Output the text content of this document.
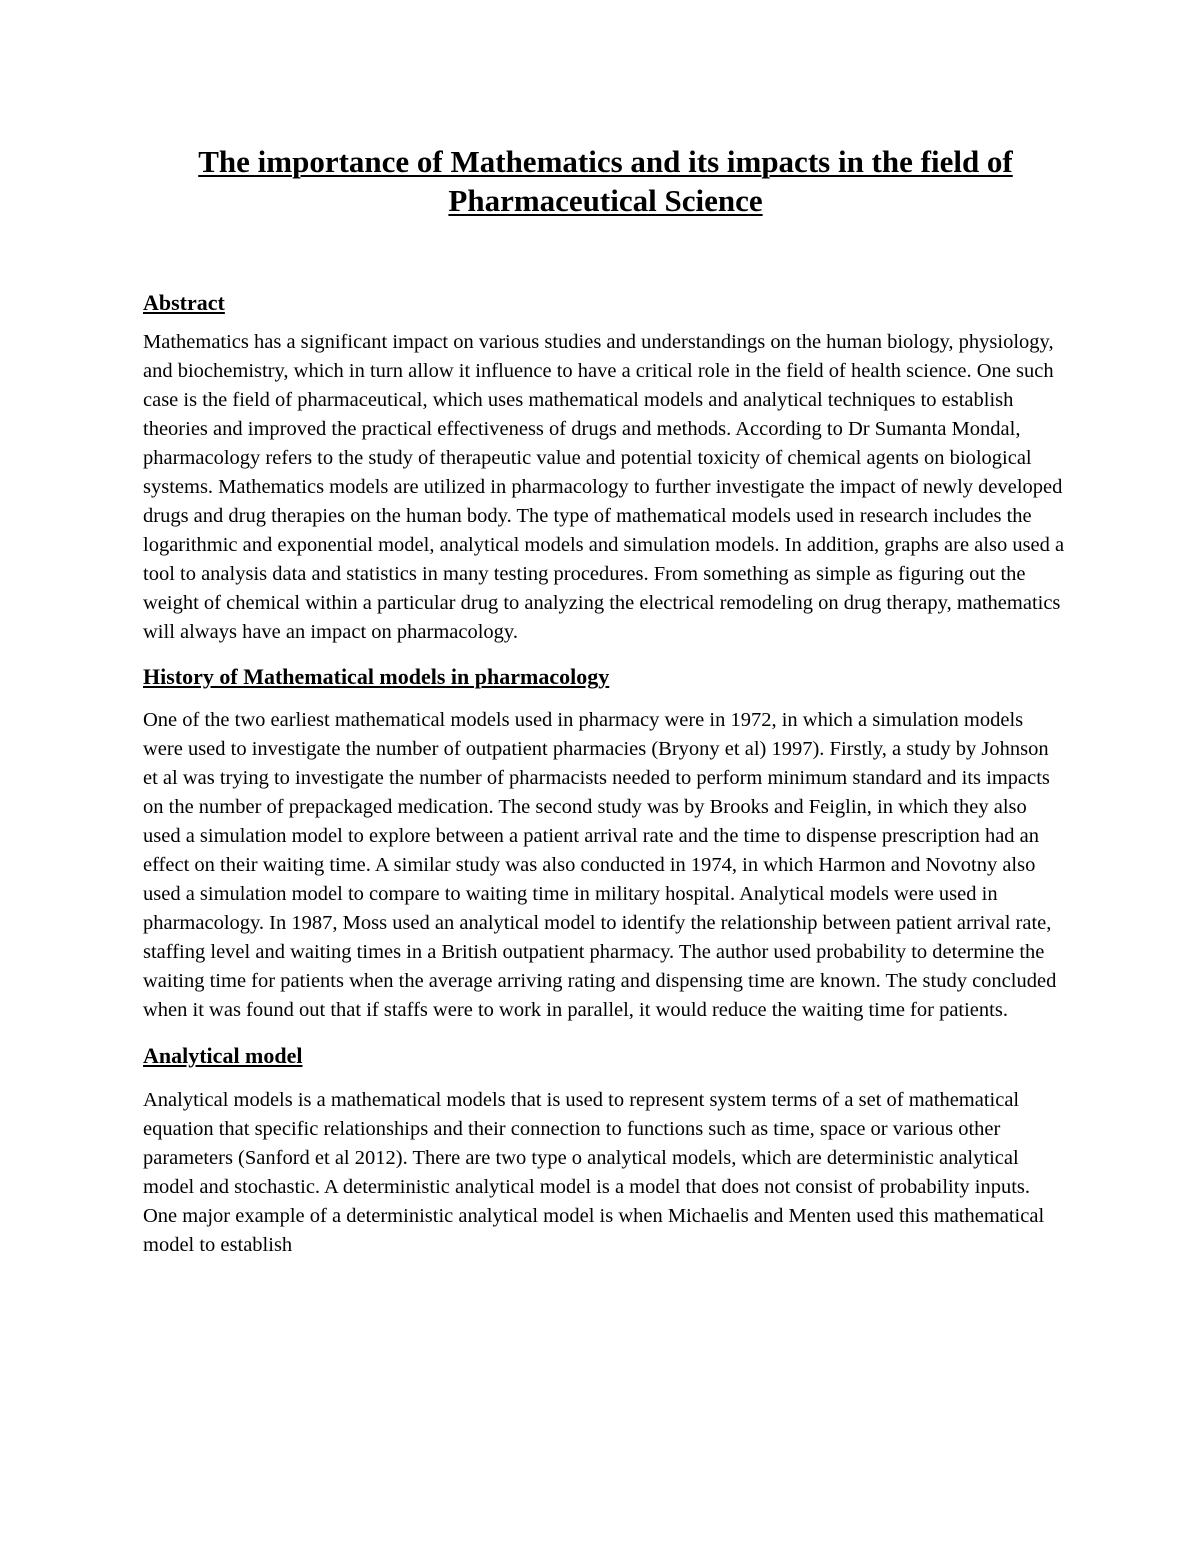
The importance of Mathematics and its impacts in the field of Pharmaceutical Science
Abstract

Mathematics has a significant impact on various studies and understandings on the human biology, physiology, and biochemistry, which in turn allow it influence to have a critical role in the field of health science. One such case is the field of pharmaceutical, which uses mathematical models and analytical techniques to establish theories and improved the practical effectiveness of drugs and methods. According to Dr Sumanta Mondal, pharmacology refers to the study of therapeutic value and potential toxicity of chemical agents on biological systems. Mathematics models are utilized in pharmacology to further investigate the impact of newly developed drugs and drug therapies on the human body. The type of mathematical models used in research includes the logarithmic and exponential model, analytical models and simulation models. In addition, graphs are also used a tool to analysis data and statistics in many testing procedures. From something as simple as figuring out the weight of chemical within a particular drug to analyzing the electrical remodeling on drug therapy, mathematics will always have an impact on pharmacology.

History of Mathematical models in pharmacology

One of the two earliest mathematical models used in pharmacy were in 1972, in which a simulation models were used to investigate the number of outpatient pharmacies (Bryony et al) 1997). Firstly, a study by Johnson et al was trying to investigate the number of pharmacists needed to perform minimum standard and its impacts on the number of prepackaged medication. The second study was by Brooks and Feiglin, in which they also used a simulation model to explore between a patient arrival rate and the time to dispense prescription had an effect on their waiting time. A similar study was also conducted in 1974, in which Harmon and Novotny also used a simulation model to compare to waiting time in military hospital. Analytical models were used in pharmacology. In 1987, Moss used an analytical model to identify the relationship between patient arrival rate, staffing level and waiting times in a British outpatient pharmacy. The author used probability to determine the waiting time for patients when the average arriving rating and dispensing time are known. The study concluded when it was found out that if staffs were to work in parallel, it would reduce the waiting time for patients.

Analytical model

Analytical models is a mathematical models that is used to represent system terms of a set of mathematical equation that specific relationships and their connection to functions such as time, space or various other parameters (Sanford et al 2012). There are two type o analytical models, which are deterministic analytical model and stochastic. A deterministic analytical model is a model that does not consist of probability inputs. One major example of a deterministic analytical model is when Michaelis and Menten used this mathematical model to establish
